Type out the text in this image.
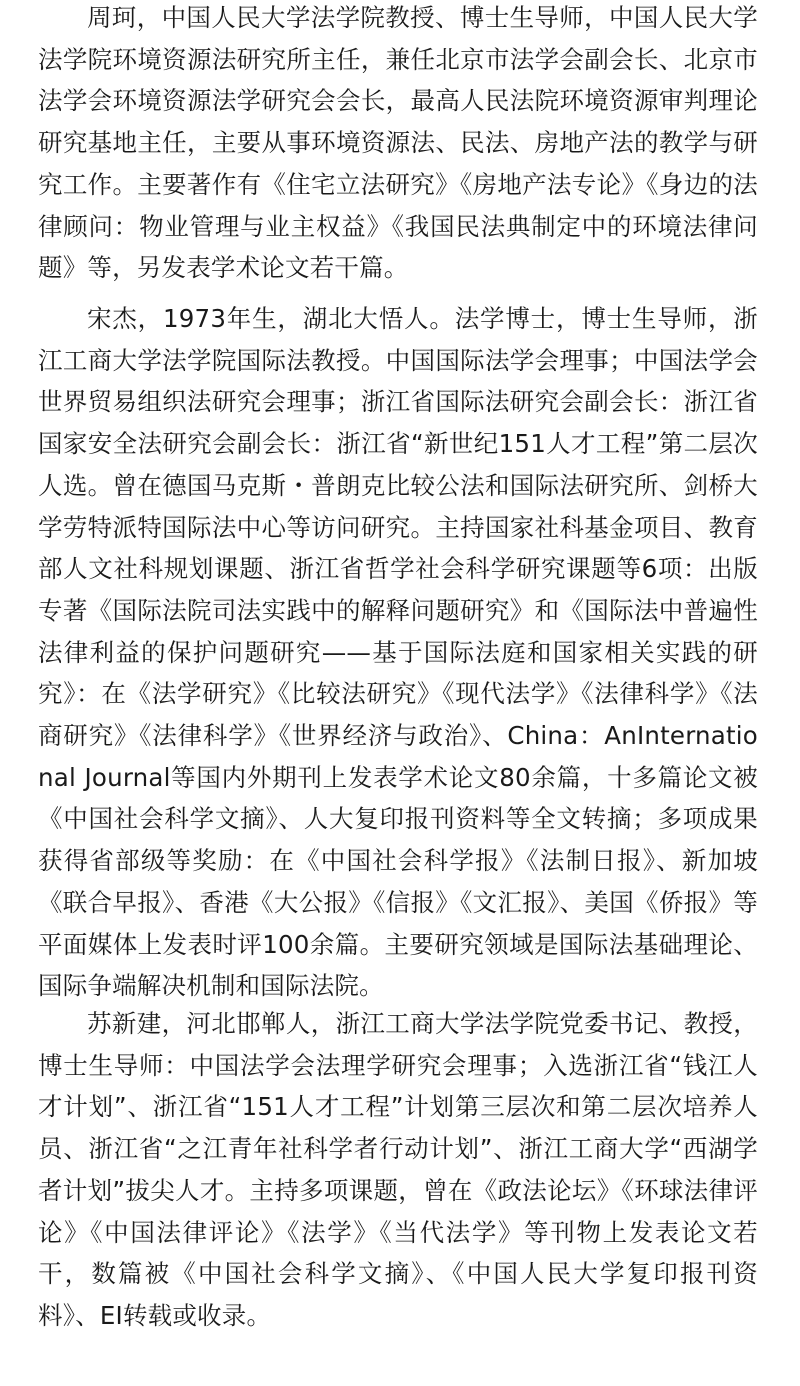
周珂，中国人民大学法学院教授、博士生导师，中国人民大学法学院环境资源法研究所主任，兼任北京市法学会副会长、北京市法学会环境资源法学研究会会长，最高人民法院环境资源审判理论研究基地主任，主要从事环境资源法、民法、房地产法的教学与研究工作。主要著作有《住宅立法研究》《房地产法专论》《身边的法律顾问：物业管理与业主权益》《我国民法典制定中的环境法律问题》等，另发表学术论文若干篇。

宋杰，1973年生，湖北大悟人。法学博士，博士生导师，浙江工商大学法学院国际法教授。中国国际法学会理事；中国法学会世界贸易组织法研究会理事；浙江省国际法研究会副会长：浙江省国家安全法研究会副会长：浙江省“新世纪151人才工程”第二层次人选。曾在德国马克斯・普朗克比较公法和国际法研究所、剑桥大学劳特派特国际法中心等访问研究。主持国家社科基金项目、教育部人文社科规划课题、浙江省哲学社会科学研究课题等6项：出版专著《国际法院司法实践中的解释问题研究》和《国际法中普遍性法律利益的保护问题研究——基于国际法庭和国家相关实践的研究》：在《法学研究》《比较法研究》《现代法学》《法律科学》《法商研究》《法律科学》《世界经济与政治》、China：AnInternational Journal等国内外期刊上发表学术论文80余篇，十多篇论文被《中国社会科学文摘》、人大复印报刊资料等全文转摘；多项成果获得省部级等奖励：在《中国社会科学报》《法制日报》、新加坡《联合早报》、香港《大公报》《信报》《文汇报》、美国《侨报》等平面媒体上发表时评100余篇。主要研究领域是国际法基础理论、国际争端解决机制和国际法院。

苏新建，河北邯郸人，浙江工商大学法学院党委书记、教授，博士生导师：中国法学会法理学研究会理事；入选浙江省“钱江人才计划”、浙江省“151人才工程”计划第三层次和第二层次培养人员、浙江省“之江青年社科学者行动计划”、浙江工商大学“西湖学者计划”拔尖人才。主持多项课题，曾在《政法论坛》《环球法律评论》《中国法律评论》《法学》《当代法学》等刊物上发表论文若干，数篇被《中国社会科学文摘》、《中国人民大学复印报刊资料》、EI转载或收录。
